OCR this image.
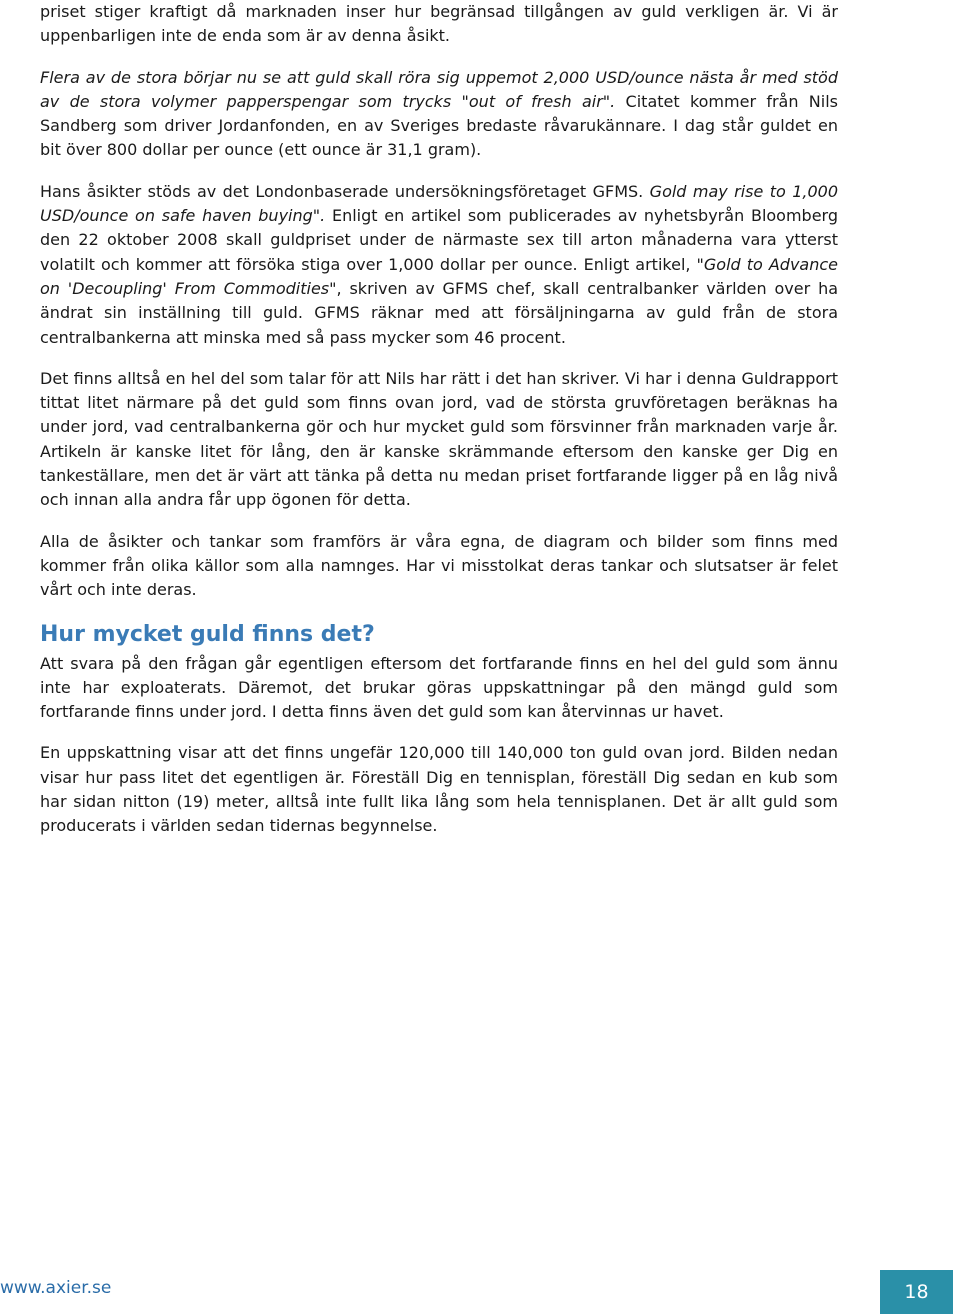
priset stiger kraftigt då marknaden inser hur begränsad tillgången av guld verkligen är. Vi är uppenbarligen inte de enda som är av denna åsikt.

Flera av de stora börjar nu se att guld skall röra sig uppemot 2,000 USD/ounce nästa år med stöd av de stora volymer papperspengar som trycks "out of fresh air". Citatet kommer från Nils Sandberg som driver Jordanfonden, en av Sveriges bredaste råvarukännare. I dag står guldet en bit över 800 dollar per ounce (ett ounce är 31,1 gram).

Hans åsikter stöds av det Londonbaserade undersökningsföretaget GFMS. Gold may rise to 1,000 USD/ounce on safe haven buying". Enligt en artikel som publicerades av nyhetsbyrån Bloomberg den 22 oktober 2008 skall guldpriset under de närmaste sex till arton månaderna vara ytterst volatilt och kommer att försöka stiga over 1,000 dollar per ounce. Enligt artikel, "Gold to Advance on 'Decoupling' From Commodities", skriven av GFMS chef, skall centralbanker världen over ha ändrat sin inställning till guld. GFMS räknar med att försäljningarna av guld från de stora centralbankerna att minska med så pass mycker som 46 procent.

Det finns alltså en hel del som talar för att Nils har rätt i det han skriver. Vi har i denna Guldrapport tittat litet närmare på det guld som finns ovan jord, vad de största gruvföretagen beräknas ha under jord, vad centralbankerna gör och hur mycket guld som försvinner från marknaden varje år. Artikeln är kanske litet för lång, den är kanske skrämmande eftersom den kanske ger Dig en tankeställare, men det är värt att tänka på detta nu medan priset fortfarande ligger på en låg nivå och innan alla andra får upp ögonen för detta.

Alla de åsikter och tankar som framförs är våra egna, de diagram och bilder som finns med kommer från olika källor som alla namnges. Har vi misstolkat deras tankar och slutsatser är felet vårt och inte deras.

Hur mycket guld finns det?

Att svara på den frågan går egentligen eftersom det fortfarande finns en hel del guld som ännu inte har exploaterats. Däremot, det brukar göras uppskattningar på den mängd guld som fortfarande finns under jord. I detta finns även det guld som kan återvinnas ur havet.

En uppskattning visar att det finns ungefär 120,000 till 140,000 ton guld ovan jord. Bilden nedan visar hur pass litet det egentligen är. Föreställ Dig en tennisplan, föreställ Dig sedan en kub som har sidan nitton (19) meter, alltså inte fullt lika lång som hela tennisplanen. Det är allt guld som producerats i världen sedan tidernas begynnelse.

www.axier.se	18
